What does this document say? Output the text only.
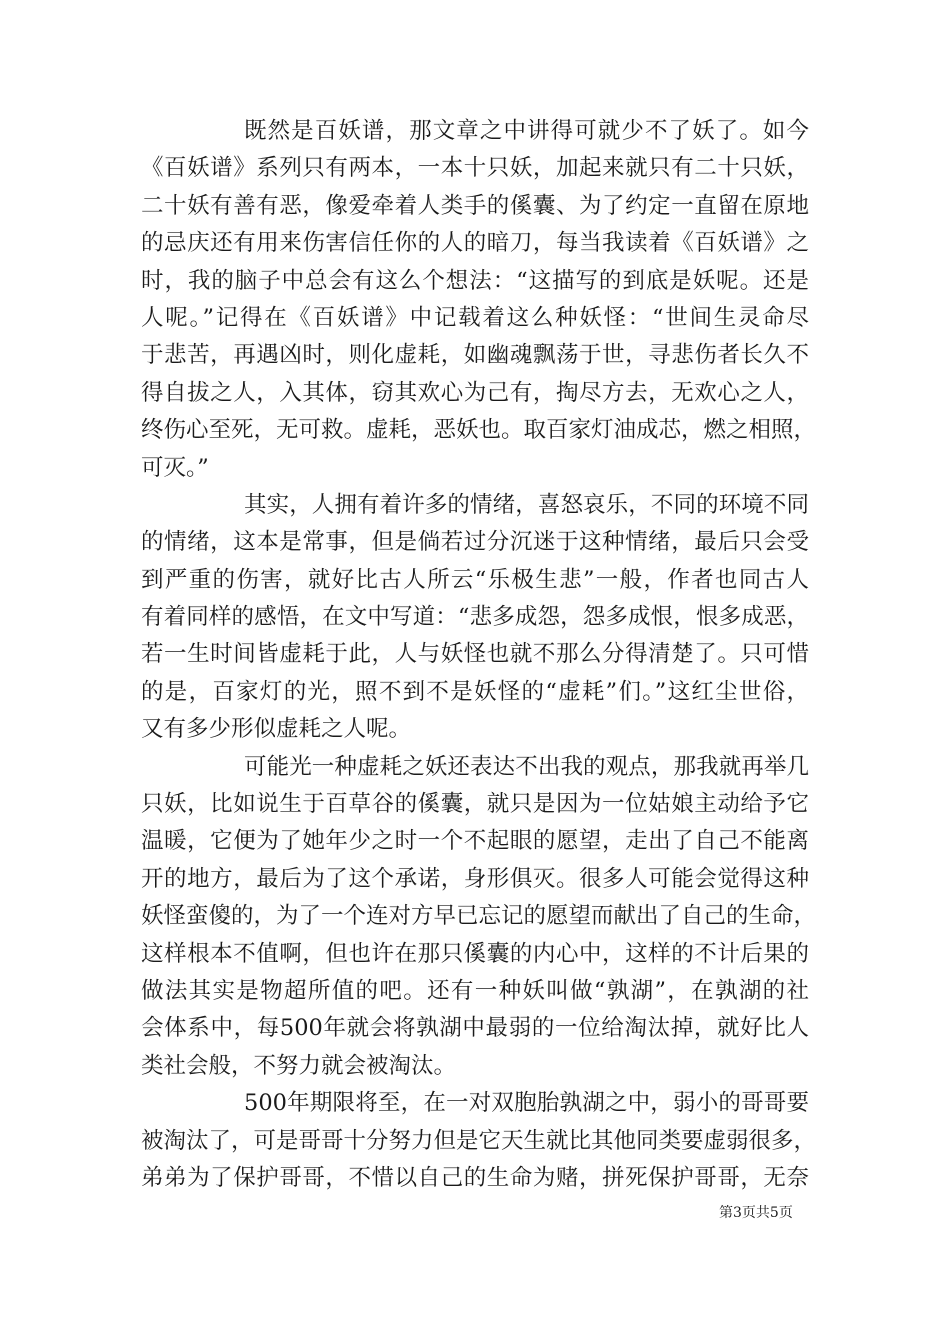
既然是百妖谱，那文章之中讲得可就少不了妖了。如今
《百妖谱》系列只有两本，一本十只妖，加起来就只有二十只妖，
二十妖有善有恶，像爱牵着人类手的傒囊、为了约定一直留在原地
的忌庆还有用来伤害信任你的人的暗刀，每当我读着《百妖谱》之
时，我的脑子中总会有这么个想法：“这描写的到底是妖呢。还是
人呢。”记得在《百妖谱》中记载着这么种妖怪：“世间生灵命尽
于悲苦，再遇凶时，则化虚耗，如幽魂飘荡于世，寻悲伤者长久不
得自拔之人，入其体，窃其欢心为己有，掏尽方去，无欢心之人，
终伤心至死，无可救。虚耗，恶妖也。取百家灯油成芯，燃之相照，
可灭。”
其实，人拥有着许多的情绪，喜怒哀乐，不同的环境不同
的情绪，这本是常事，但是倘若过分沉迷于这种情绪，最后只会受
到严重的伤害，就好比古人所云“乐极生悲”一般，作者也同古人
有着同样的感悟，在文中写道：“悲多成怨，怨多成恨，恨多成恶，
若一生时间皆虚耗于此，人与妖怪也就不那么分得清楚了。只可惜
的是，百家灯的光，照不到不是妖怪的“虚耗”们。”这红尘世俗，
又有多少形似虚耗之人呢。
可能光一种虚耗之妖还表达不出我的观点，那我就再举几
只妖，比如说生于百草谷的傒囊，就只是因为一位姑娘主动给予它
温暖，它便为了她年少之时一个不起眼的愿望，走出了自己不能离
开的地方，最后为了这个承诺，身形俱灭。很多人可能会觉得这种
妖怪蛮傻的，为了一个连对方早已忘记的愿望而献出了自己的生命，
这样根本不值啊，但也许在那只傒囊的内心中，这样的不计后果的
做法其实是物超所值的吧。还有一种妖叫做“孰湖”，在孰湖的社
会体系中，每500年就会将孰湖中最弱的一位给淘汰掉，就好比人
类社会般，不努力就会被淘汰。
500年期限将至，在一对双胞胎孰湖之中，弱小的哥哥要
被淘汰了，可是哥哥十分努力但是它天生就比其他同类要虚弱很多，
弟弟为了保护哥哥，不惜以自己的生命为赌，拼死保护哥哥，无奈
第3页共5页
